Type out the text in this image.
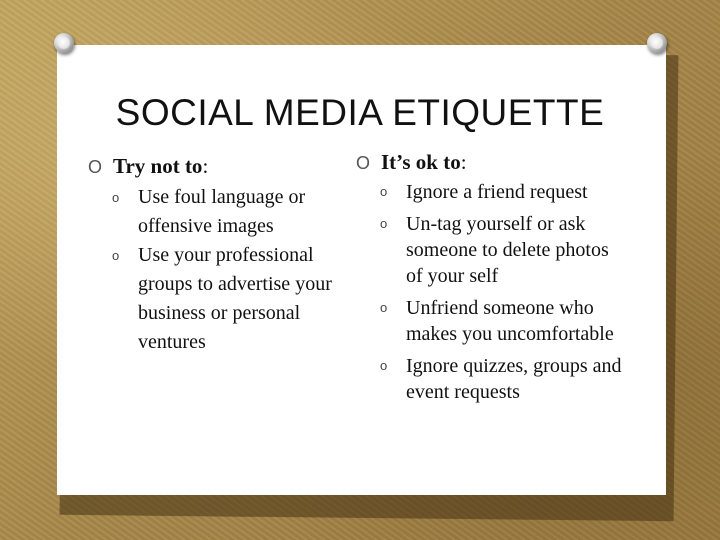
SOCIAL MEDIA ETIQUETTE
O Try not to :
o Use foul language or offensive images
o Use your professional groups to advertise your business or personal ventures
O It’s ok to :
o Ignore a friend request
o Un-tag yourself or ask someone to delete photos of your self
o Unfriend someone who makes you uncomfortable
o Ignore quizzes, groups and event requests
